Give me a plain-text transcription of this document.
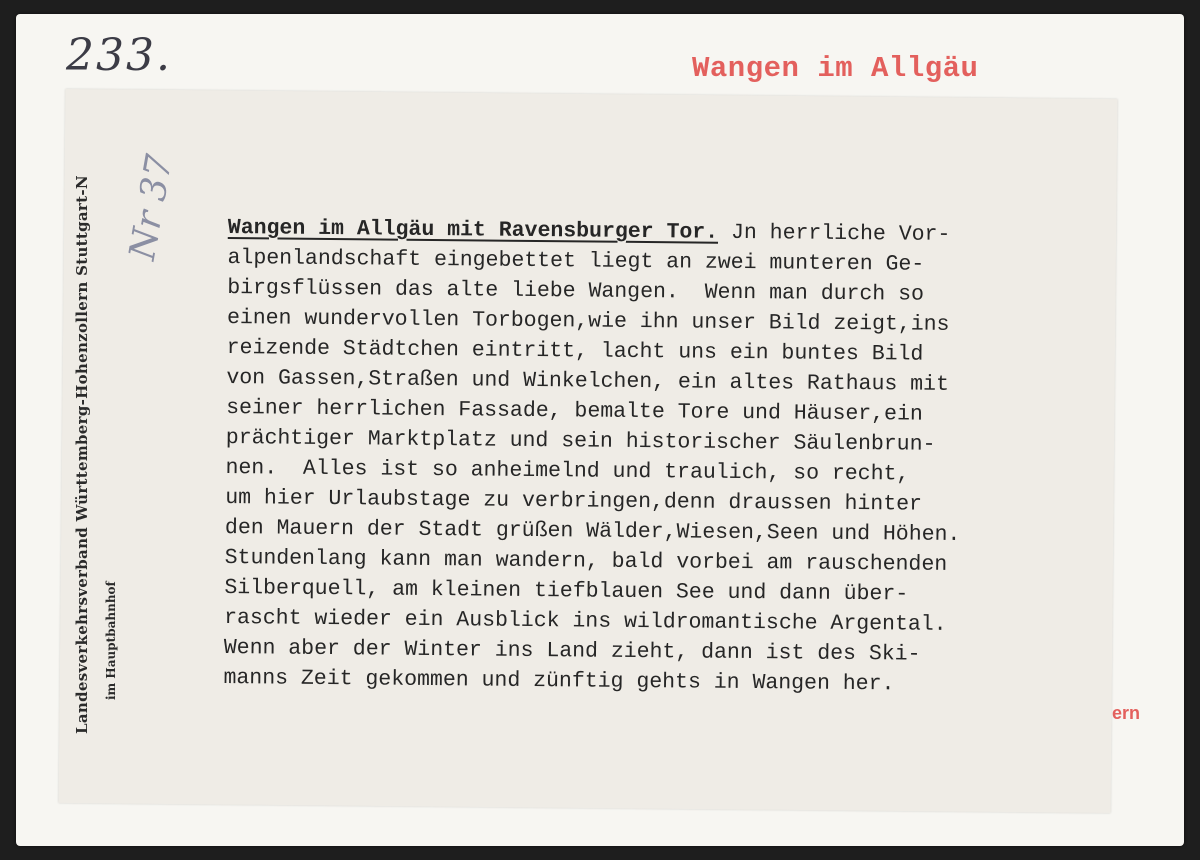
233.	Wangen im Allgäu
ern
Landesverkehrsverband Württemberg-Hohenzollern Stuttgart-N im Hauptbahnhof
Nr 37 Wangen im Allgäu mit Ravensburger Tor. Jn herrliche Vor-
alpenlandschaft eingebettet liegt an zwei munteren Ge-
birgsflüssen das alte liebe Wangen.  Wenn man durch so
einen wundervollen Torbogen,wie ihn unser Bild zeigt,ins
reizende Städtchen eintritt, lacht uns ein buntes Bild
von Gassen,Straßen und Winkelchen, ein altes Rathaus mit
seiner herrlichen Fassade, bemalte Tore und Häuser,ein
prächtiger Marktplatz und sein historischer Säulenbrun-
nen.  Alles ist so anheimelnd und traulich, so recht,
um hier Urlaubstage zu verbringen,denn draussen hinter
den Mauern der Stadt grüßen Wälder,Wiesen,Seen und Höhen.
Stundenlang kann man wandern, bald vorbei am rauschenden
Silberquell, am kleinen tiefblauen See und dann über-
rascht wieder ein Ausblick ins wildromantische Argental.
Wenn aber der Winter ins Land zieht, dann ist des Ski-
manns Zeit gekommen und zünftig gehts in Wangen her.
